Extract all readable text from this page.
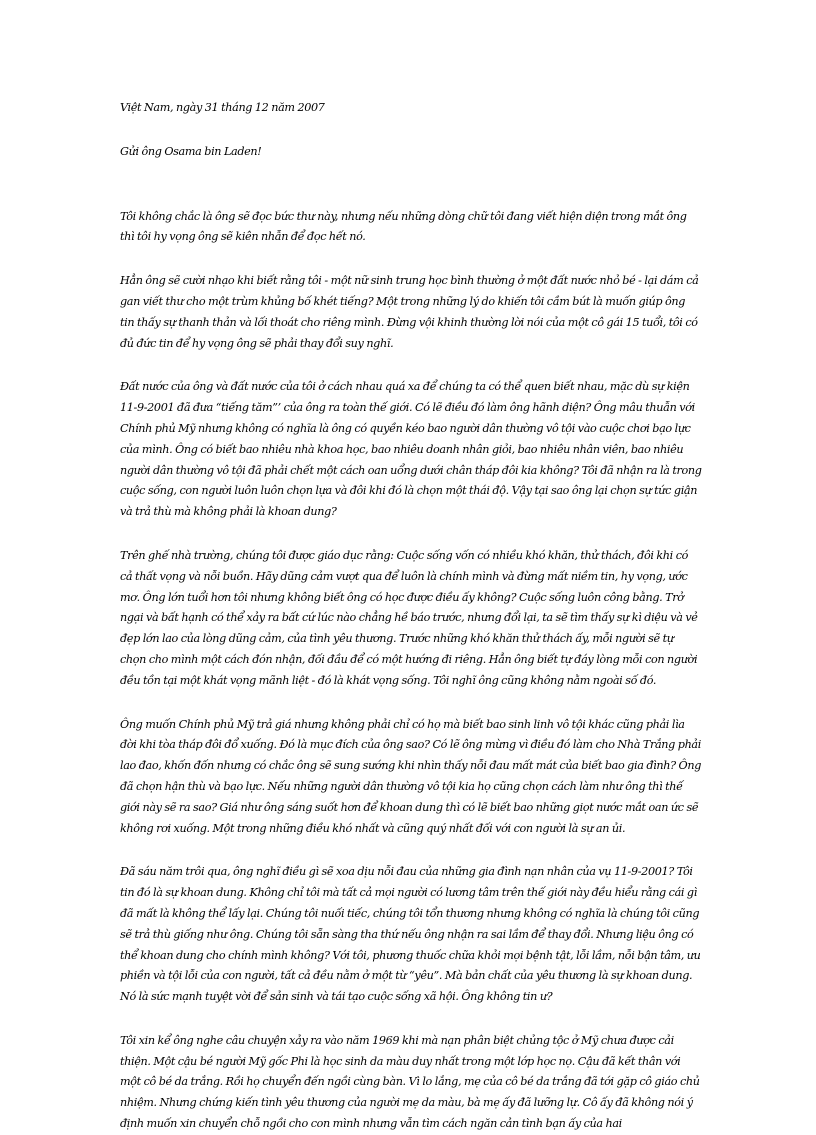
Việt Nam, ngày 31 tháng 12 năm 2007

Gửi ông Osama bin Laden!

Tôi không chắc là ông sẽ đọc bức thư này, nhưng nếu những dòng chữ tôi đang viết hiện diện trong mắt ông thì tôi hy vọng ông sẽ kiên nhẫn để đọc hết nó.

Hẳn ông sẽ cười nhạo khi biết rằng tôi - một nữ sinh trung học bình thường ở một đất nước nhỏ bé - lại dám cả gan viết thư cho một trùm khủng bố khét tiếng? Một trong những lý do khiến tôi cầm bút là muốn giúp ông tin thấy sự thanh thản và lối thoát cho riêng mình. Đừng vội khinh thường lời nói của một cô gái 15 tuổi, tôi có đủ đức tin để hy vọng ông sẽ phải thay đổi suy nghĩ.

Đất nước của ông và đất nước của tôi ở cách nhau quá xa để chúng ta có thể quen biết nhau, mặc dù sự kiện 11-9-2001 đã đưa “tiếng tăm”’ của ông ra toàn thế giới. Có lẽ điều đó làm ông hãnh diện? Ông mâu thuẫn với Chính phủ Mỹ nhưng không có nghĩa là ông có quyền kéo bao người dân thường vô tội vào cuộc chơi bạo lực của mình. Ông có biết bao nhiêu nhà khoa học, bao nhiêu doanh nhân giỏi, bao nhiêu nhân viên, bao nhiêu người dân thường vô tội đã phải chết một cách oan uổng dưới chân tháp đôi kia không? Tôi đã nhận ra là trong cuộc sống, con người luôn luôn chọn lựa và đôi khi đó là chọn một thái độ. Vậy tại sao ông lại chọn sự tức giận và trả thù mà không phải là khoan dung?

Trên ghế nhà trường, chúng tôi được giáo dục rằng: Cuộc sống vốn có nhiều khó khăn, thử thách, đôi khi có cả thất vọng và nỗi buồn. Hãy dũng cảm vượt qua để luôn là chính mình và đừng mất niềm tin, hy vọng, ước mơ. Ông lớn tuổi hơn tôi nhưng không biết ông có học được điều ấy không? Cuộc sống luôn công bằng. Trở ngại và bất hạnh có thể xảy ra bất cứ lúc nào chẳng hề báo trước, nhưng đổi lại, ta sẽ tìm thấy sự kì diệu và vẻ đẹp lớn lao của lòng dũng cảm, của tình yêu thương. Trước những khó khăn thử thách ấy, mỗi người sẽ tự chọn cho mình một cách đón nhận, đối đầu để có một hướng đi riêng. Hẳn ông biết tự đáy lòng mỗi con người đều tồn tại một khát vọng mãnh liệt - đó là khát vọng sống. Tôi nghĩ ông cũng không nằm ngoài số đó.

Ông muốn Chính phủ Mỹ trả giá nhưng không phải chỉ có họ mà biết bao sinh linh vô tội khác cũng phải lìa đời khi tòa tháp đôi đổ xuống. Đó là mục đích của ông sao? Có lẽ ông mừng vì điều đó làm cho Nhà Trắng phải lao đao, khốn đốn nhưng có chắc ông sẽ sung sướng khi nhìn thấy nỗi đau mất mát của biết bao gia đình? Ông đã chọn hận thù và bạo lực. Nếu những người dân thường vô tội kia họ cũng chọn cách làm như ông thì thế giới này sẽ ra sao? Giá như ông sáng suốt hơn để khoan dung thì có lẽ biết bao những giọt nước mắt oan ức sẽ không rơi xuống. Một trong những điều khó nhất và cũng quý nhất đối với con người là sự an ủi.

Đã sáu năm trôi qua, ông nghĩ điều gì sẽ xoa dịu nỗi đau của những gia đình nạn nhân của vụ 11-9-2001? Tôi tin đó là sự khoan dung. Không chỉ tôi mà tất cả mọi người có lương tâm trên thế giới này đều hiểu rằng cái gì đã mất là không thể lấy lại. Chúng tôi nuối tiếc, chúng tôi tổn thương nhưng không có nghĩa là chúng tôi cũng sẽ trả thù giống như ông. Chúng tôi sẵn sàng tha thứ nếu ông nhận ra sai lầm để thay đổi. Nhưng liệu ông có thể khoan dung cho chính mình không? Với tôi, phương thuốc chữa khỏi mọi bệnh tật, lỗi lầm, nỗi bận tâm, ưu phiền và tội lỗi của con người, tất cả đều nằm ở một từ “yêu”. Mà bản chất của yêu thương là sự khoan dung. Nó là sức mạnh tuyệt vời để sản sinh và tái tạo cuộc sống xã hội. Ông không tin ư?

Tôi xin kể ông nghe câu chuyện xảy ra vào năm 1969 khi mà nạn phân biệt chủng tộc ở Mỹ chưa được cải thiện. Một cậu bé người Mỹ gốc Phi là học sinh da màu duy nhất trong một lớp học nọ. Cậu đã kết thân với một cô bé da trắng. Rồi họ chuyển đến ngồi cùng bàn. Vì lo lắng, mẹ của cô bé da trắng đã tới gặp cô giáo chủ nhiệm. Nhưng chứng kiến tình yêu thương của người mẹ da màu, bà mẹ ấy đã lưỡng lự. Cô ấy đã không nói ý định muốn xin chuyển chỗ ngồi cho con mình nhưng vẫn tìm cách ngăn cản tình bạn ấy của hai
